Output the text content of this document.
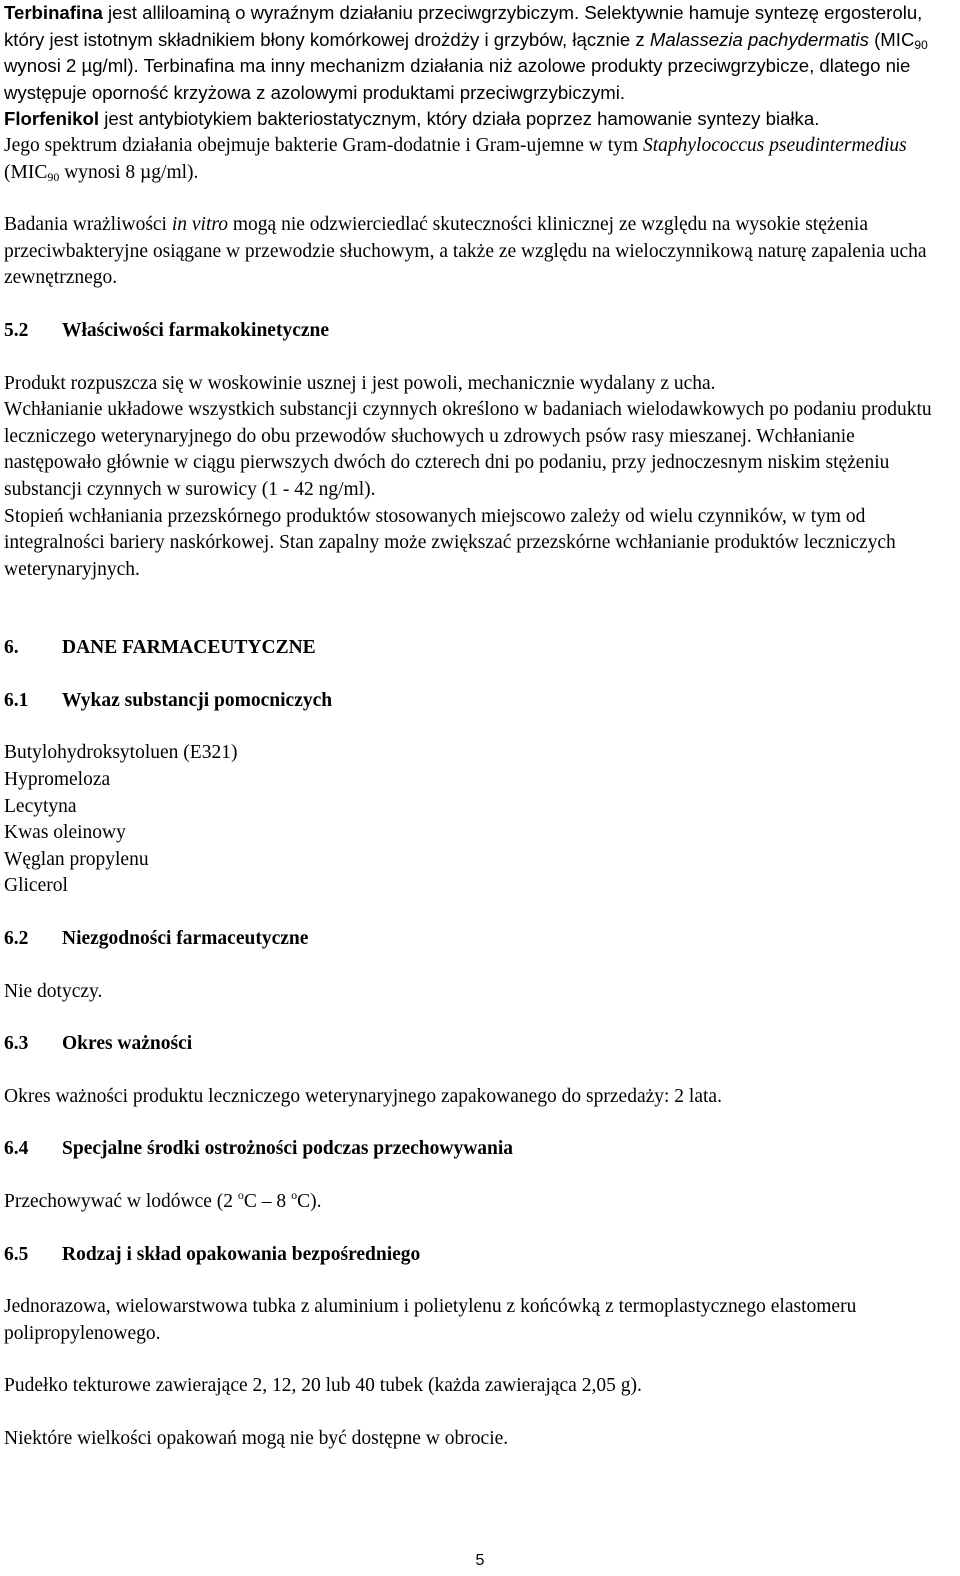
Terbinafina jest alliloaminą o wyraźnym działaniu przeciwgrzybiczym. Selektywnie hamuje syntezę ergosterolu, który jest istotnym składnikiem błony komórkowej drożdży i grzybów, łącznie z Malassezia pachydermatis ($MIC_{90}$ wynosi 2 µg/ml). Terbinafina ma inny mechanizm działania niż azolowe produkty przeciwgrzybicze, dlatego nie występuje oporność krzyżowa z azolowymi produktami przeciwgrzybiczymi.

Florfenikol jest antybiotykiem bakteriostatycznym, który działa poprzez hamowanie syntezy białka.

Jego spektrum działania obejmuje bakterie Gram-dodatnie i Gram-ujemne w tym Staphylococcus pseudintermedius ($MIC_{90}$ wynosi 8 µg/ml).

Badania wrażliwości in vitro mogą nie odzwierciedlać skuteczności klinicznej ze względu na wysokie stężenia przeciwbakteryjne osiągane w przewodzie słuchowym, a także ze względu na wieloczynnikową naturę zapalenia ucha zewnętrznego.

5.2 Właściwości farmakokinetyczne

Produkt rozpuszcza się w woskowinie usznej i jest powoli, mechanicznie wydalany z ucha.

Wchłanianie układowe wszystkich substancji czynnych określono w badaniach wielodawkowych po podaniu produktu leczniczego weterynaryjnego do obu przewodów słuchowych u zdrowych psów rasy mieszanej. Wchłanianie następowało głównie w ciągu pierwszych dwóch do czterech dni po podaniu, przy jednoczesnym niskim stężeniu substancji czynnych w surowicy (1 - 42 ng/ml).

Stopień wchłaniania przezskórnego produktów stosowanych miejscowo zależy od wielu czynników, w tym od integralności bariery naskórkowej. Stan zapalny może zwiększać przezskórne wchłanianie produktów leczniczych weterynaryjnych.

6. DANE FARMACEUTYCZNE

6.1 Wykaz substancji pomocniczych

Butylohydroksytoluen (E321)

Hypromeloza

Lecytyna

Kwas oleinowy

Węglan propylenu

Glicerol

6.2 Niezgodności farmaceutyczne

Nie dotyczy.

6.3 Okres ważności

Okres ważności produktu leczniczego weterynaryjnego zapakowanego do sprzedaży: 2 lata.

6.4 Specjalne środki ostrożności podczas przechowywania

Przechowywać w lodówce (2 $^o$C – 8 $^o$C).

6.5 Rodzaj i skład opakowania bezpośredniego

Jednorazowa, wielowarstwowa tubka z aluminium i polietylenu z końcówką z termoplastycznego elastomeru polipropylenowego.

Pudełko tekturowe zawierające 2, 12, 20 lub 40 tubek (każda zawierająca 2,05 g).

Niektóre wielkości opakowań mogą nie być dostępne w obrocie.

5
